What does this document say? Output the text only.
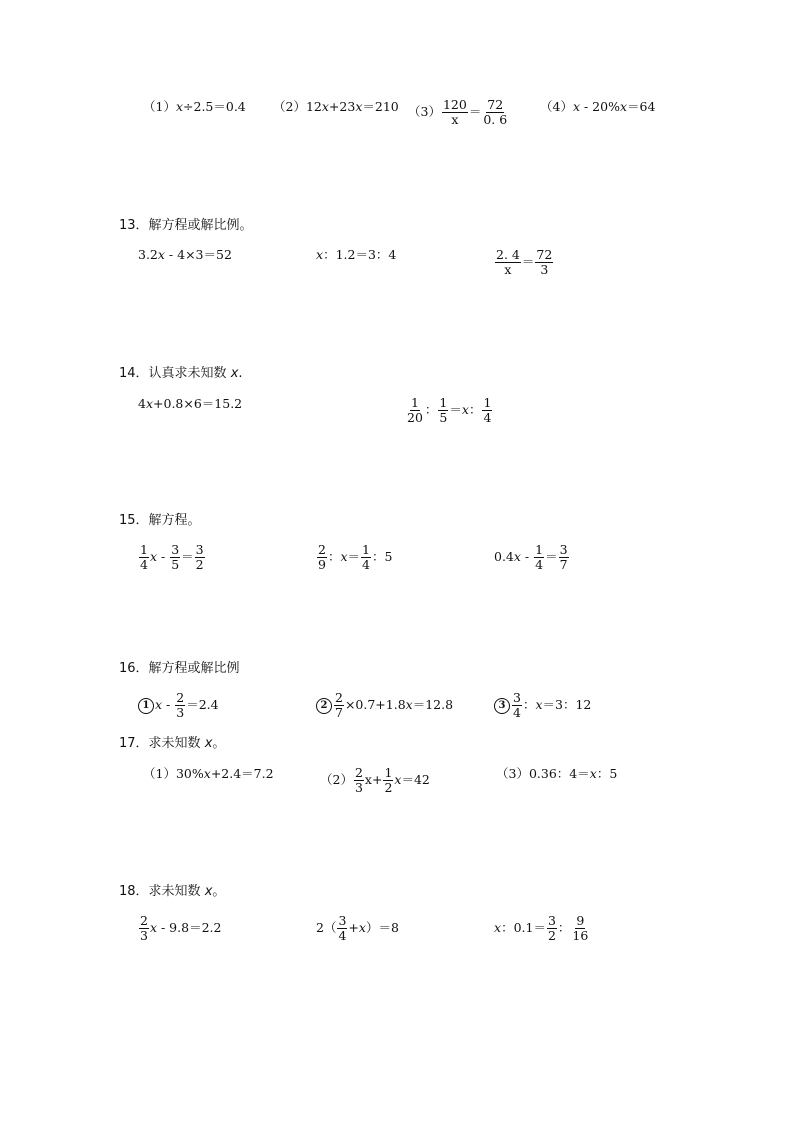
（1）x÷2.5＝0.4 （2）12x+23x＝210 $(3) \frac{120}{x} = \frac{72}{0. 6}$	（4）x - 20%x＝64
13．解方程或解比例。
3.2x - 4×3＝52	x：1.2＝3：4	$\frac{2. 4}{x} = \frac{72}{3}$
14．认真求未知数 x.
4x+0.8×6＝15.2	$\frac{1}{20}$ ： $\frac{1}{5} =x$： $\frac{1}{4}$
15．解方程。
$\frac{1}{4}$ $x - \frac{3}{5} = \frac{3}{2}$	$\frac{2}{9}$ ：$x= \frac{1}{4}$ ：5	$0.4x - \frac{1}{4} = \frac{3}{7}$
16．解方程或解比例
1 $x - \frac{2}{3} =2.4$	$2 \frac{2}{7} \times 0.7+1.8x=12.8$	$3 \frac{3}{4}$ ：x＝3：12
17．求未知数 x。
（1）30%x+2.4＝7.2	$(2) \frac{2}{3} x+ \frac{1}{2} x=42$	（3）0.36：4＝x：5
18．求未知数 x。
$\frac{2}{3}$ x - 9.8＝2.2	$2( \frac{3}{4} +x)=8$	x：$0.1= \frac{3}{2}$ ： $\frac{9}{16}$
